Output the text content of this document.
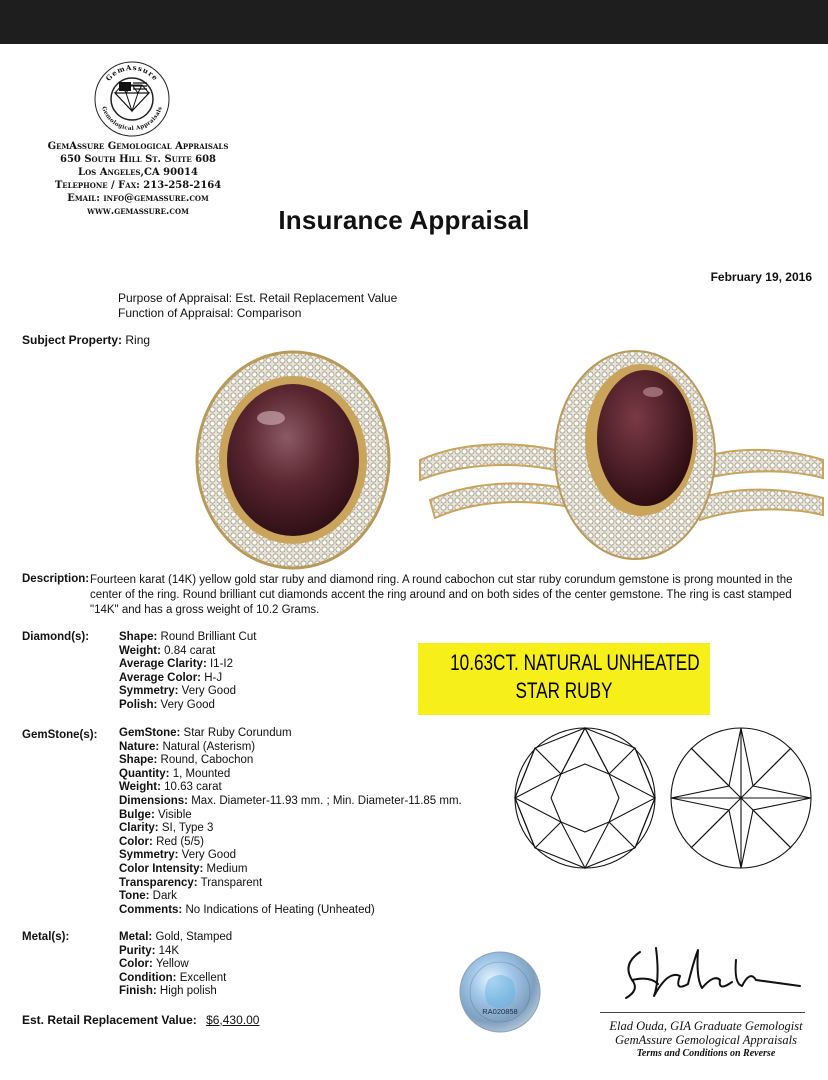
GemAssure
Gemological Appraisals
GemAssure Gemological Appraisals
650 South Hill St. Suite 608
Los Angeles,CA 90014
Telephone / Fax: 213-258-2164
Email: info@gemassure.com
www.gemassure.com	Insurance Appraisal
February 19, 2016
Purpose of Appraisal: Est. Retail Replacement Value
Function of Appraisal: Comparison
Subject Property: Ring
Description: Fourteen karat (14K) yellow gold star ruby and diamond ring. A round cabochon cut star ruby corundum gemstone is prong mounted in the center of the ring. Round brilliant cut diamonds accent the ring around and on both sides of the center gemstone. The ring is cast stamped "14K" and has a gross weight of 10.2 Grams.
Diamond(s):	Shape: Round Brilliant Cut
Weight: 0.84 carat
Average Clarity: I1-I2
Average Color: H-J
Symmetry: Very Good
Polish: Very Good
10.63CT. NATURAL UNHEATED
STAR RUBY
GemStone(s): GemStone: Star Ruby Corundum
Nature: Natural (Asterism)
Shape: Round, Cabochon
Quantity: 1, Mounted
Weight: 10.63 carat
Dimensions: Max. Diameter-11.93 mm. ; Min. Diameter-11.85 mm.
Bulge: Visible
Clarity: SI, Type 3
Color: Red (5/5)
Symmetry: Very Good
Color Intensity: Medium
Transparency: Transparent
Tone: Dark
Comments: No Indications of Heating (Unheated)
Metal(s):	Metal: Gold, Stamped
Purity: 14K
Color: Yellow
Condition: Excellent
Finish: High polish
Est. Retail Replacement Value: $6,430.00
RA020858
Elad Ouda, GIA Graduate Gemologist
GemAssure Gemological Appraisals
Terms and Conditions on Reverse
